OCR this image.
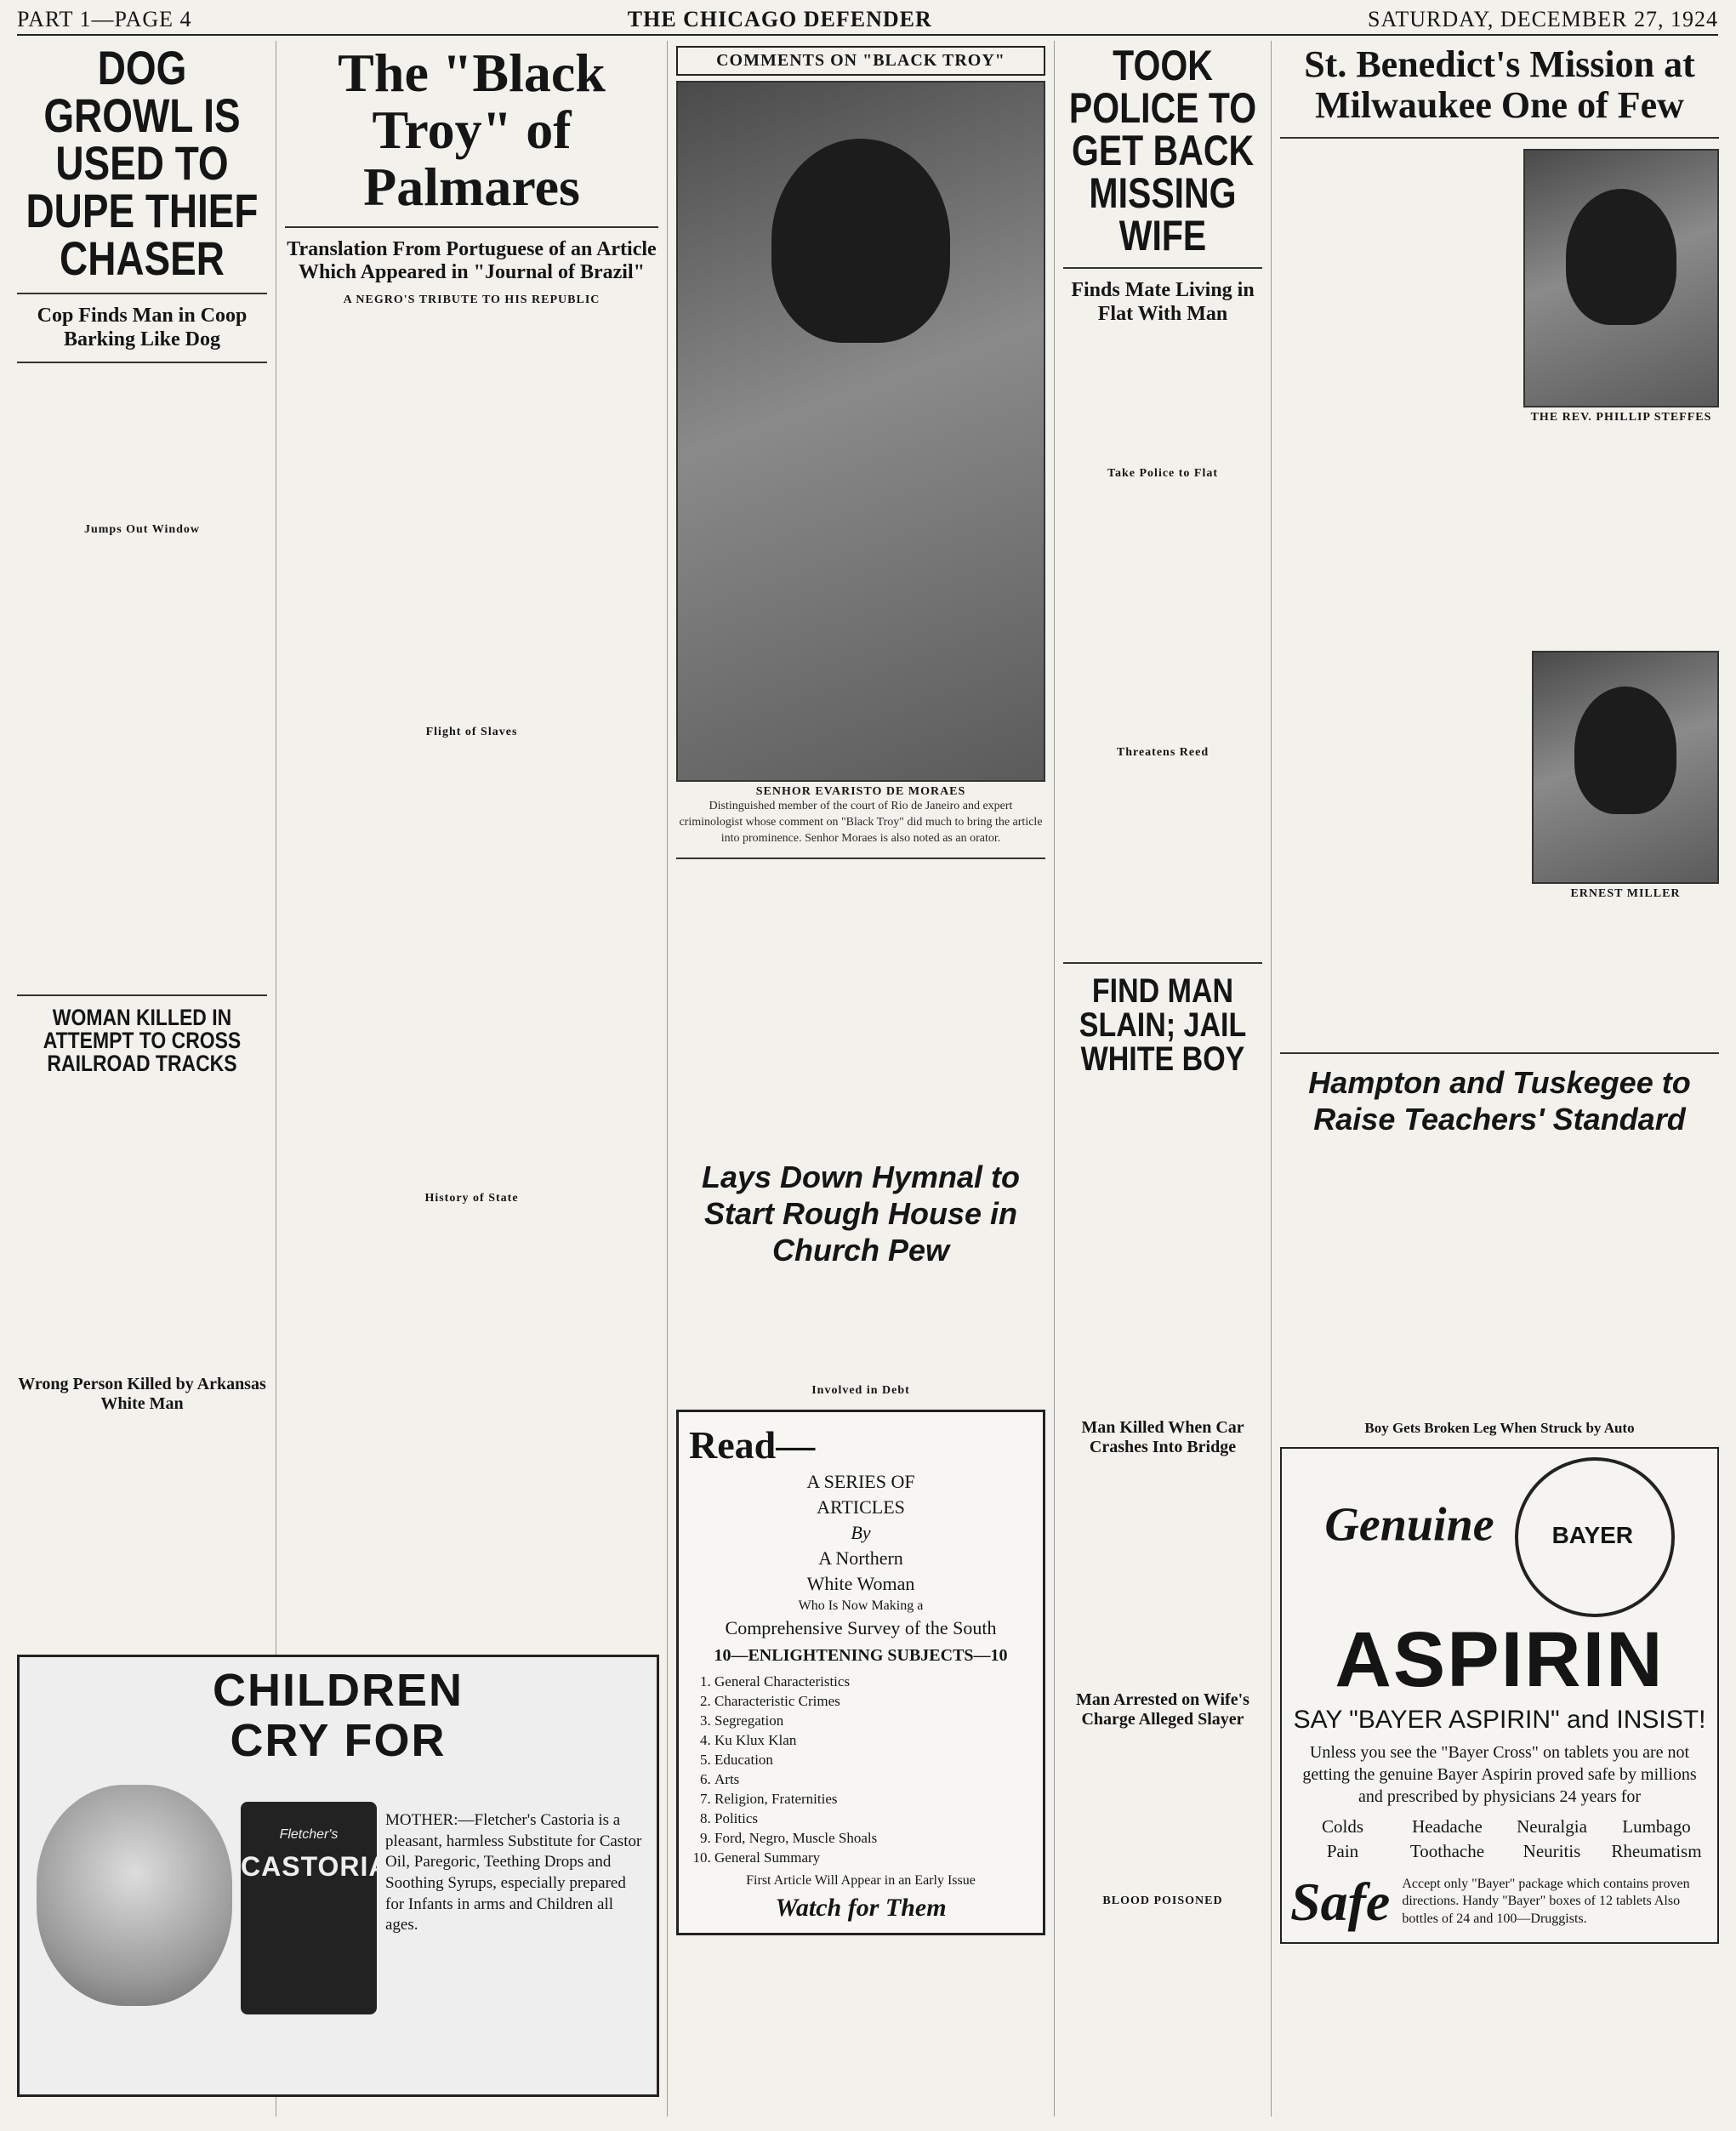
PART 1—PAGE 4	THE CHICAGO DEFENDER	SATURDAY, DECEMBER 27, 1924
DOG GROWL IS USED TO DUPE THIEF CHASER
Cop Finds Man in Coop Barking Like Dog
Jumps Out Window
WOMAN KILLED IN ATTEMPT TO CROSS RAILROAD TRACKS
Wrong Person Killed by Arkansas White Man
The "Black Troy" of Palmares
Translation From Portuguese of an Article Which Appeared in "Journal of Brazil"
A NEGRO'S TRIBUTE TO HIS REPUBLIC
Flight of Slaves
History of State
COMMENTS ON "BLACK TROY"
SENHOR EVARISTO DE MORAES
Distinguished member of the court of Rio de Janeiro and expert criminologist whose comment on "Black Troy" did much to bring the article into prominence. Senhor Moraes is also noted as an orator.
Lays Down Hymnal to Start Rough House in Church Pew
Involved in Debt
Read—
A SERIES OF
ARTICLES
By
A Northern
White Woman
Who Is Now Making a
Comprehensive Survey of the South
10—ENLIGHTENING SUBJECTS—10
1. General Characteristics
2. Characteristic Crimes
3. Segregation
4. Ku Klux Klan
5. Education
6. Arts
7. Religion, Fraternities
8. Politics
9. Ford, Negro, Muscle Shoals
10. General Summary
First Article Will Appear in an Early Issue
Watch for Them
TOOK POLICE TO GET BACK MISSING WIFE
Finds Mate Living in Flat With Man
Take Police to Flat
Threatens Reed
FIND MAN SLAIN; JAIL WHITE BOY
Man Killed When Car Crashes Into Bridge
Man Arrested on Wife's Charge Alleged Slayer
BLOOD POISONED
St. Benedict's Mission at Milwaukee One of Few
THE REV. PHILLIP STEFFES
ERNEST MILLER
Hampton and Tuskegee to Raise Teachers' Standard
Boy Gets Broken Leg When Struck by Auto
Genuine BAYER
ASPIRIN
SAY "BAYER ASPIRIN" and INSIST!
Unless you see the "Bayer Cross" on tablets you are not getting the genuine Bayer Aspirin proved safe by millions and prescribed by physicians 24 years for
Colds	Headache	Neuralgia	Lumbago
Pain	Toothache	Neuritis	Rheumatism
Safe Accept only "Bayer" package which contains proven directions. Handy "Bayer" boxes of 12 tablets Also bottles of 24 and 100—Druggists.
CHILDREN
CRY FOR
Fletcher's
CASTORIA
MOTHER:—Fletcher's Castoria is a pleasant, harmless Substitute for Castor Oil, Paregoric, Teething Drops and Soothing Syrups, especially prepared for Infants in arms and Children all ages.
